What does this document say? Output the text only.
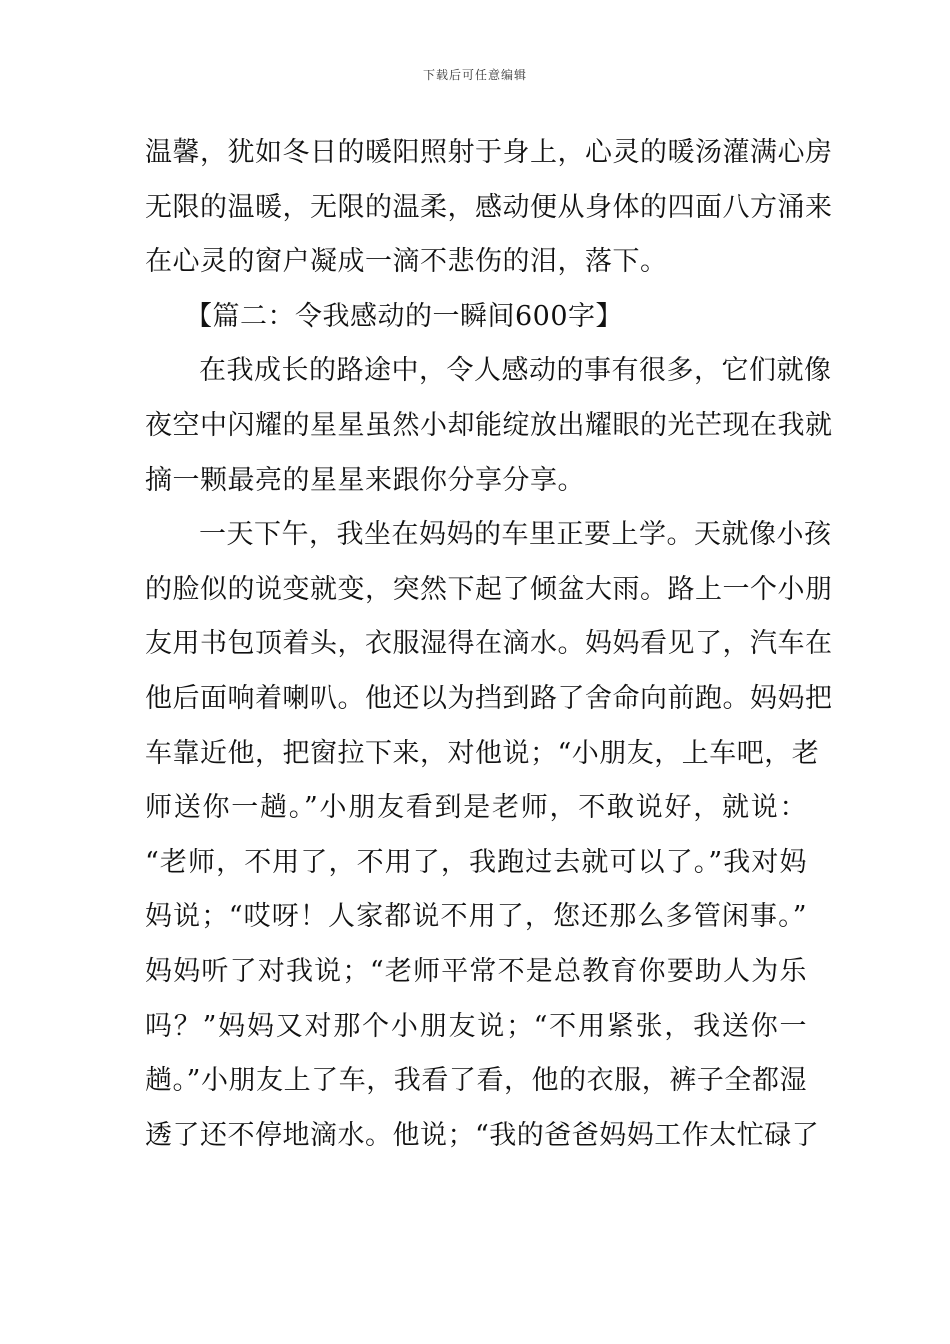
下载后可任意编辑
温馨，犹如冬日的暖阳照射于身上，心灵的暖汤灌满心房
无限的温暖，无限的温柔，感动便从身体的四面八方涌来
在心灵的窗户凝成一滴不悲伤的泪，落下。
【篇二：令我感动的一瞬间600字】
在我成长的路途中，令人感动的事有很多，它们就像
夜空中闪耀的星星虽然小却能绽放出耀眼的光芒现在我就
摘一颗最亮的星星来跟你分享分享。
一天下午，我坐在妈妈的车里正要上学。天就像小孩
的脸似的说变就变，突然下起了倾盆大雨。路上一个小朋
友用书包顶着头，衣服湿得在滴水。妈妈看见了，汽车在
他后面响着喇叭。他还以为挡到路了舍命向前跑。妈妈把
车靠近他，把窗拉下来，对他说；“小朋友，上车吧，老
师送你一趟。”小朋友看到是老师，不敢说好，就说：
“老师，不用了，不用了，我跑过去就可以了。”我对妈
妈说；“哎呀！人家都说不用了，您还那么多管闲事。”
妈妈听了对我说；“老师平常不是总教育你要助人为乐
吗？”妈妈又对那个小朋友说；“不用紧张，我送你一
趟。”小朋友上了车，我看了看，他的衣服，裤子全都湿
透了还不停地滴水。他说；“我的爸爸妈妈工作太忙碌了
